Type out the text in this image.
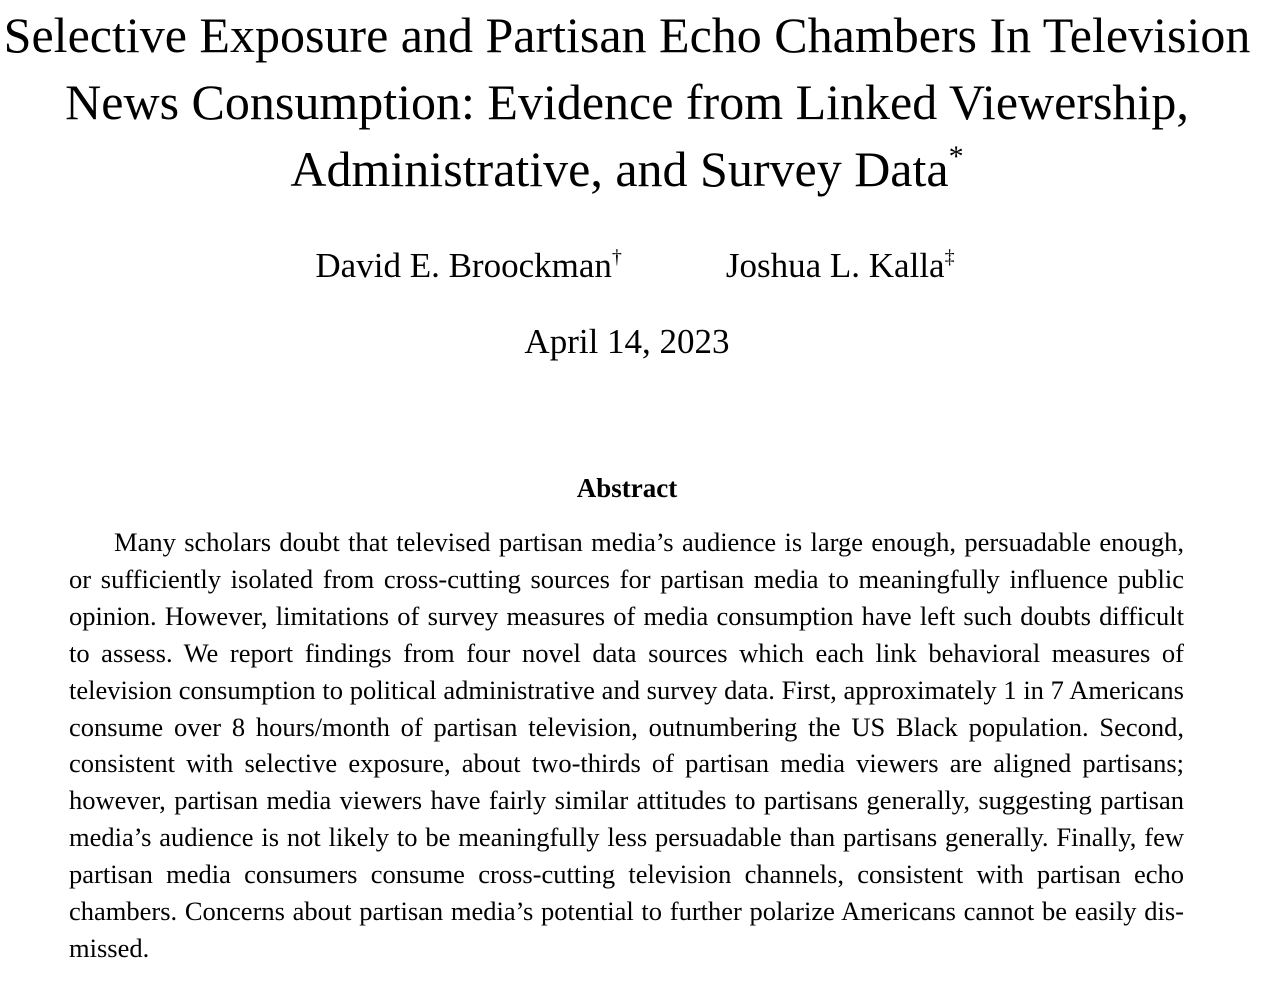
Selective Exposure and Partisan Echo Chambers In Television News Consumption: Evidence from Linked Viewership, Administrative, and Survey Data*
David E. Broockman†	Joshua L. Kalla‡
April 14, 2023
Abstract

Many scholars doubt that televised partisan media’s audience is large enough, persuadable enough, or sufficiently isolated from cross-cutting sources for partisan media to meaningfully influence public opinion. However, limitations of survey measures of media consumption have left such doubts difficult to assess. We report findings from four novel data sources which each link behavioral measures of television consumption to political administrative and survey data. First, approximately 1 in 7 Americans consume over 8 hours/month of partisan television, outnumbering the US Black population. Second, consistent with selective exposure, about two-thirds of partisan media viewers are aligned partisans; however, partisan media viewers have fairly similar attitudes to partisans generally, suggesting partisan media’s audience is not likely to be meaningfully less persuadable than partisans generally. Finally, few partisan media consumers consume cross-cutting television channels, consistent with partisan echo chambers. Concerns about partisan media’s potential to further polarize Americans cannot be easily dismissed.
